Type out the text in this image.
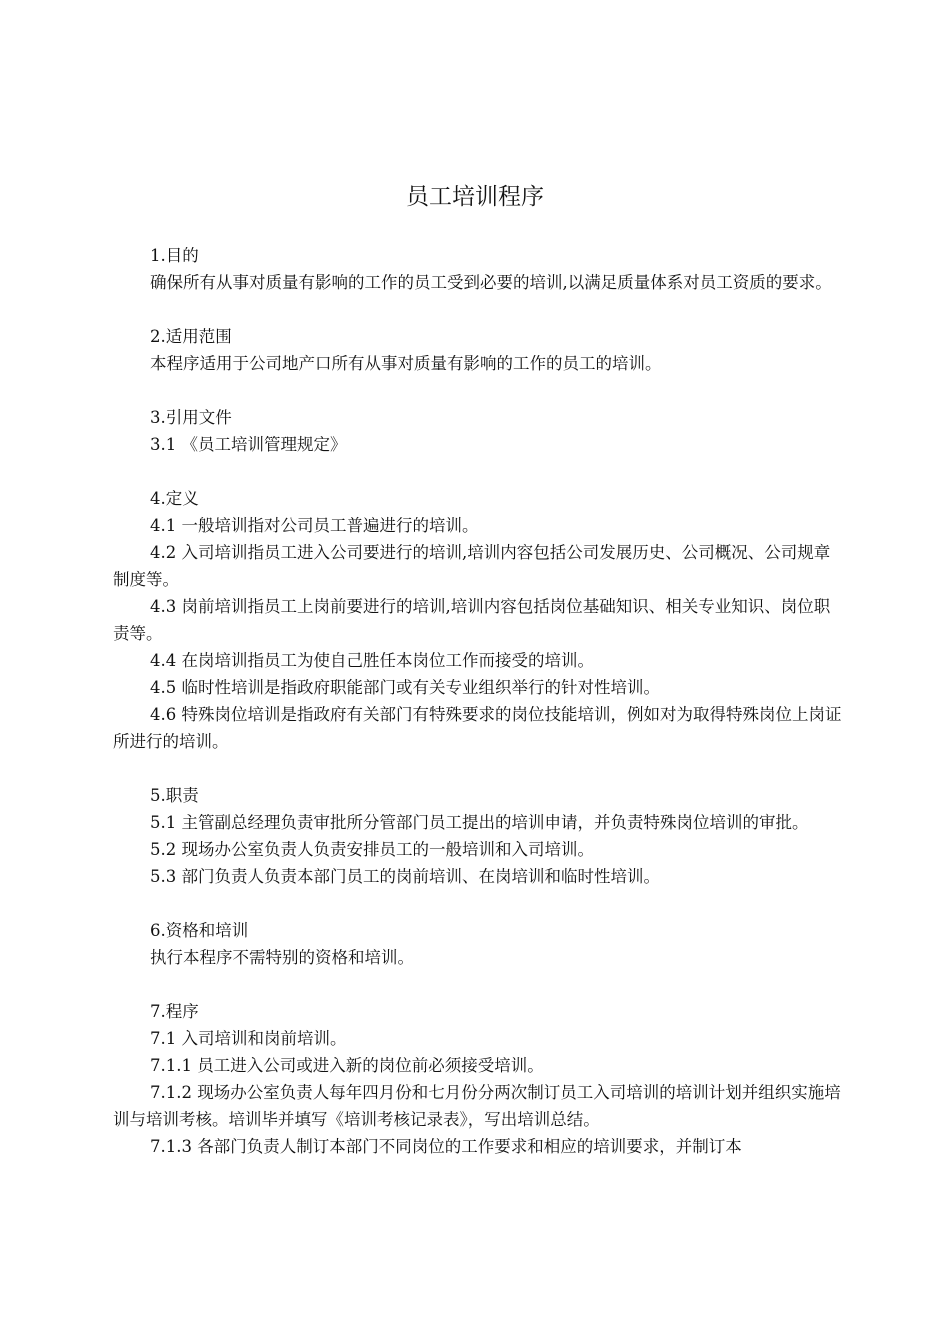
员工培训程序

1.目的

确保所有从事对质量有影响的工作的员工受到必要的培训,以满足质量体系对员工资质的要求。

2.适用范围

本程序适用于公司地产口所有从事对质量有影响的工作的员工的培训。

3.引用文件

3.1 《员工培训管理规定》

4.定义

4.1 一般培训指对公司员工普遍进行的培训。

4.2 入司培训指员工进入公司要进行的培训,培训内容包括公司发展历史、公司概况、公司规章制度等。

4.3 岗前培训指员工上岗前要进行的培训,培训内容包括岗位基础知识、相关专业知识、岗位职责等。

4.4 在岗培训指员工为使自己胜任本岗位工作而接受的培训。

4.5 临时性培训是指政府职能部门或有关专业组织举行的针对性培训。

4.6 特殊岗位培训是指政府有关部门有特殊要求的岗位技能培训，例如对为取得特殊岗位上岗证所进行的培训。

5.职责

5.1 主管副总经理负责审批所分管部门员工提出的培训申请，并负责特殊岗位培训的审批。

5.2 现场办公室负责人负责安排员工的一般培训和入司培训。

5.3 部门负责人负责本部门员工的岗前培训、在岗培训和临时性培训。

6.资格和培训

执行本程序不需特别的资格和培训。

7.程序

7.1 入司培训和岗前培训。

7.1.1 员工进入公司或进入新的岗位前必须接受培训。

7.1.2 现场办公室负责人每年四月份和七月份分两次制订员工入司培训的培训计划并组织实施培训与培训考核。培训毕并填写《培训考核记录表》，写出培训总结。

7.1.3 各部门负责人制订本部门不同岗位的工作要求和相应的培训要求，并制订本
